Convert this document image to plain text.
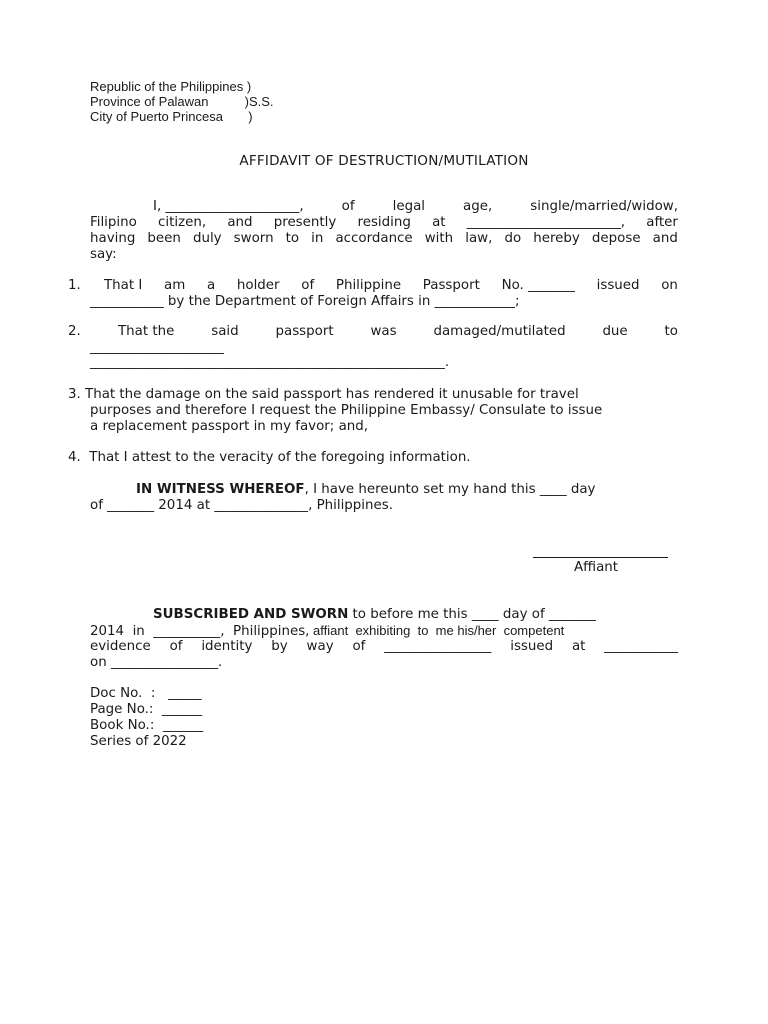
Republic of the Philippines )
Province of Palawan          )S.S.
City of Puerto Princesa       )
AFFIDAVIT OF DESTRUCTION/MUTILATION
I, ____________________,	of	legal	age,	single/married/widow,
Filipino citizen, and presently residing at _______________________, after
having been duly sworn to in accordance with law, do hereby depose and
say:
1. That I am a holder of Philippine Passport No. _______ issued on
___________ by the Department of Foreign Affairs in ____________;
2.	That the	said	passport	was	damaged/mutilated	due	to
____________________
_____________________________________________________.
3. That the damage on the said passport has rendered it unusable for travel
purposes and therefore I request the Philippine Embassy/ Consulate to issue
a replacement passport in my favor; and,
4.  That I attest to the veracity of the foregoing information.
IN WITNESS WHEREOF, I have hereunto set my hand this ____ day
of _______ 2014 at ______________, Philippines.
Affiant
SUBSCRIBED AND SWORN to before me this ____ day of _______
2014  in  __________,  Philippines, affiant  exhibiting  to  me his/her  competent
evidence of identity by way of ________________ issued at ___________
on ________________.
Doc No.  :   _____
Page No.:  ______
Book No.:  ______
Series of 2022
